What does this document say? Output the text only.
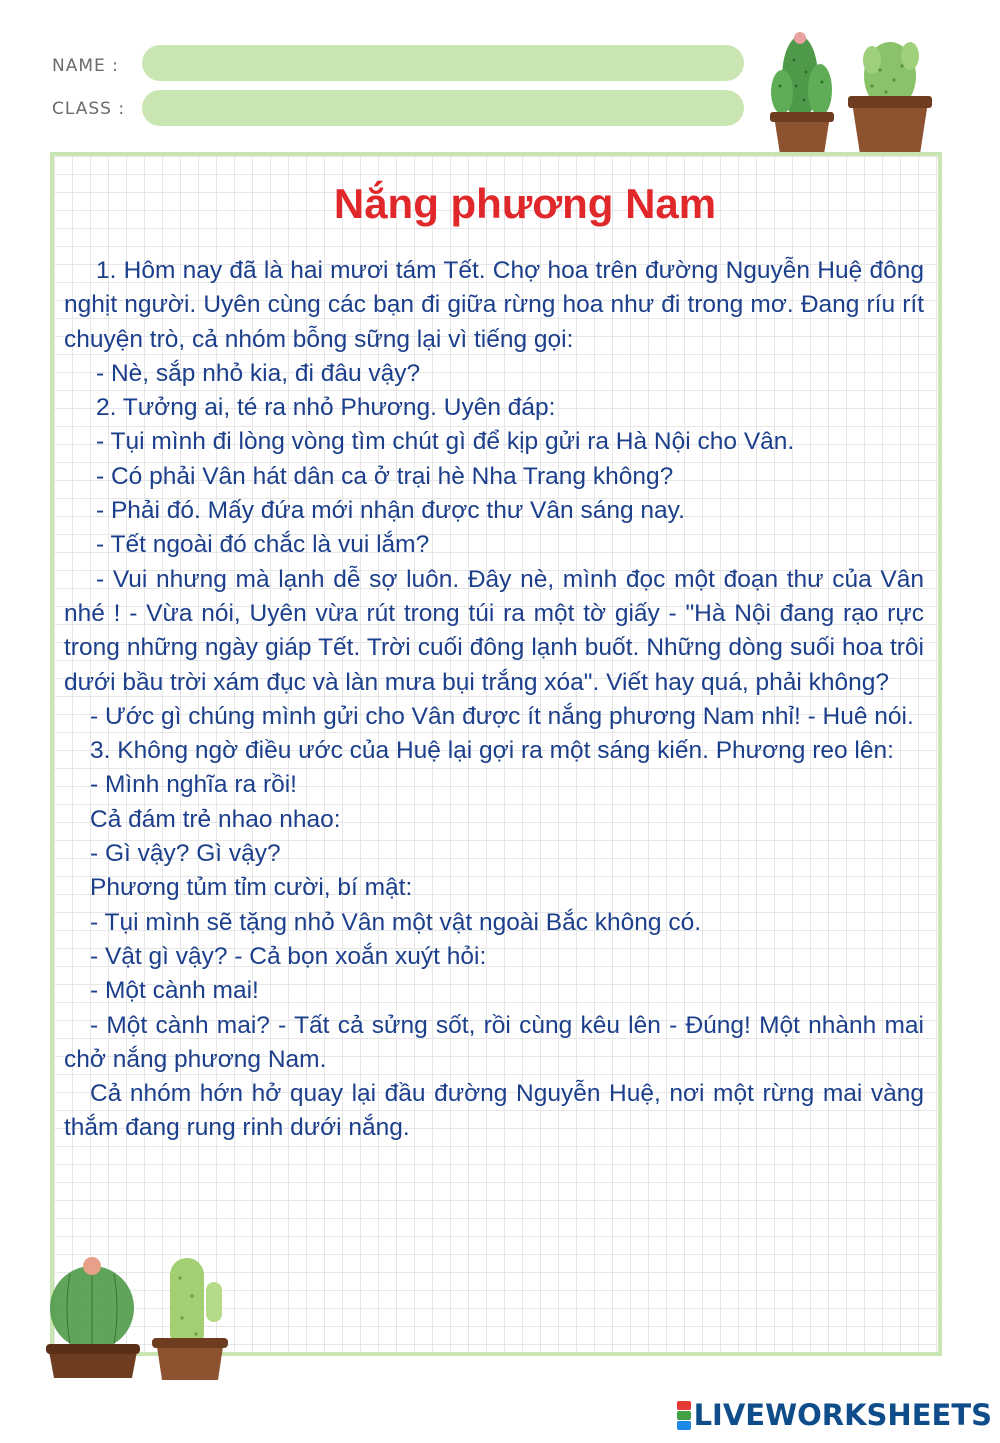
NAME :
CLASS :
Nắng phương Nam

1. Hôm nay đã là hai mươi tám Tết. Chợ hoa trên đường Nguyễn Huệ đông nghịt người. Uyên cùng các bạn đi giữa rừng hoa như đi trong mơ. Đang ríu rít chuyện trò, cả nhóm bỗng sững lại vì tiếng gọi:

- Nè, sắp nhỏ kia, đi đâu vậy?

2. Tưởng ai, té ra nhỏ Phương. Uyên đáp:

- Tụi mình đi lòng vòng tìm chút gì để kịp gửi ra Hà Nội cho Vân.

- Có phải Vân hát dân ca ở trại hè Nha Trang không?

- Phải đó. Mấy đứa mới nhận được thư Vân sáng nay.

- Tết ngoài đó chắc là vui lắm?

- Vui nhưng mà lạnh dễ sợ luôn. Đây nè, mình đọc một đoạn thư của Vân nhé ! - Vừa nói, Uyên vừa rút trong túi ra một tờ giấy - "Hà Nội đang rạo rực trong những ngày giáp Tết. Trời cuối đông lạnh buốt. Những dòng suối hoa trôi dưới bầu trời xám đục và làn mưa bụi trắng xóa". Viết hay quá, phải không?

- Ước gì chúng mình gửi cho Vân được ít nắng phương Nam nhỉ! - Huê nói.

3. Không ngờ điều ước của Huệ lại gợi ra một sáng kiến. Phương reo lên:

- Mình nghĩa ra rồi!

Cả đám trẻ nhao nhao:

- Gì vậy? Gì vậy?

Phương tủm tỉm cười, bí mật:

- Tụi mình sẽ tặng nhỏ Vân một vật ngoài Bắc không có.

- Vật gì vậy? - Cả bọn xoắn xuýt hỏi:

- Một cành mai!

- Một cành mai? - Tất cả sửng sốt, rồi cùng kêu lên - Đúng! Một nhành mai chở nắng phương Nam.

Cả nhóm hớn hở quay lại đầu đường Nguyễn Huệ, nơi một rừng mai vàng thắm đang rung rinh dưới nắng.

LIVEWORKSHEETS
